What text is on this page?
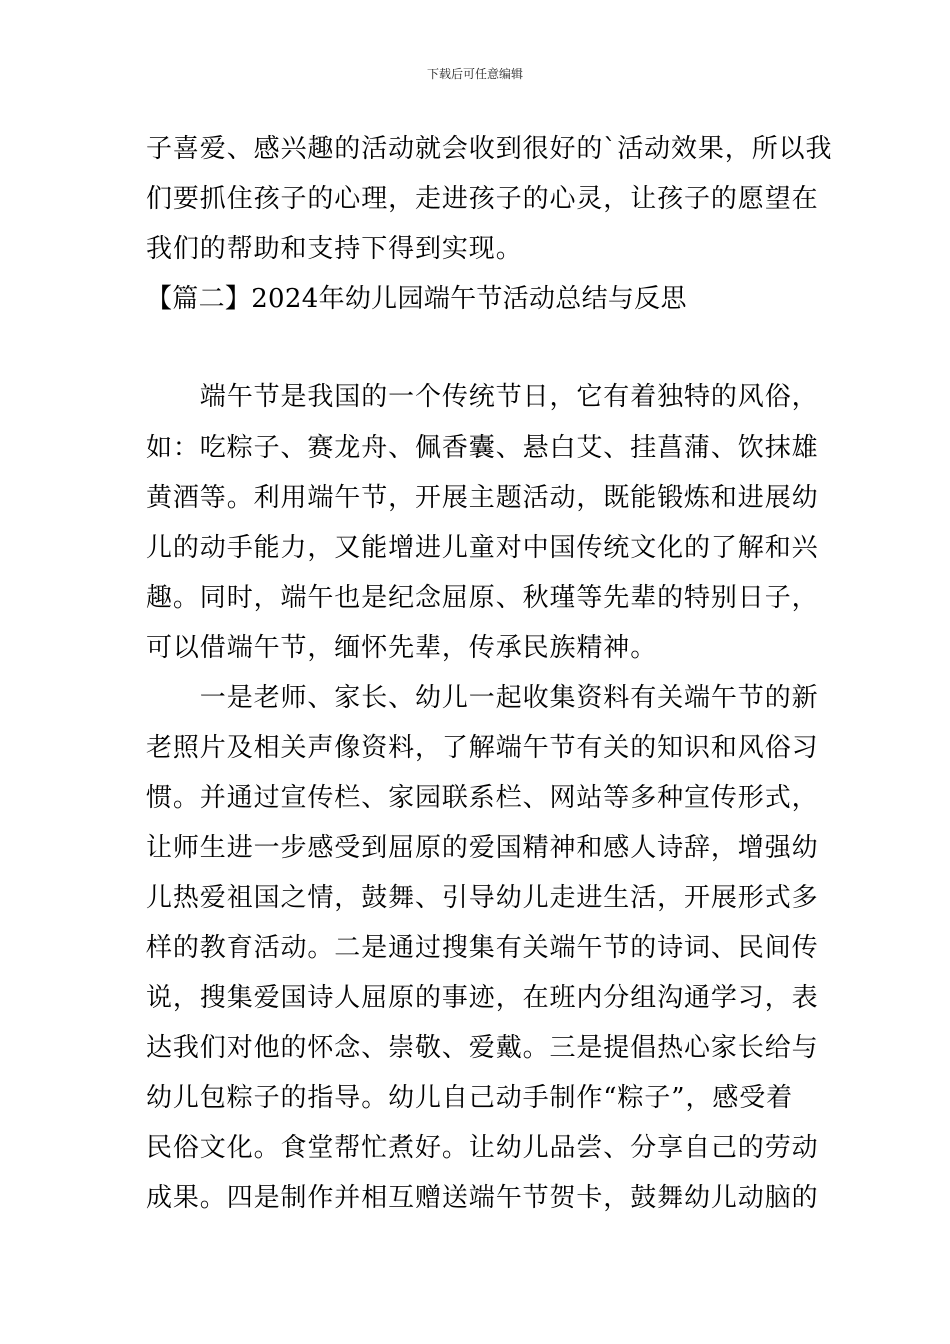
下载后可任意编辑
子喜爱、感兴趣的活动就会收到很好的`活动效果，所以我
们要抓住孩子的心理，走进孩子的心灵，让孩子的愿望在
我们的帮助和支持下得到实现。
【篇二】2024年幼儿园端午节活动总结与反思
　　端午节是我国的一个传统节日，它有着独特的风俗，
如：吃粽子、赛龙舟、佩香囊、悬白艾、挂菖蒲、饮抹雄
黄酒等。利用端午节，开展主题活动，既能锻炼和进展幼
儿的动手能力，又能增进儿童对中国传统文化的了解和兴
趣。同时，端午也是纪念屈原、秋瑾等先辈的特别日子，
可以借端午节，缅怀先辈，传承民族精神。
　　一是老师、家长、幼儿一起收集资料有关端午节的新
老照片及相关声像资料，了解端午节有关的知识和风俗习
惯。并通过宣传栏、家园联系栏、网站等多种宣传形式，
让师生进一步感受到屈原的爱国精神和感人诗辞，增强幼
儿热爱祖国之情，鼓舞、引导幼儿走进生活，开展形式多
样的教育活动。二是通过搜集有关端午节的诗词、民间传
说，搜集爱国诗人屈原的事迹，在班内分组沟通学习，表
达我们对他的怀念、崇敬、爱戴。三是提倡热心家长给与
幼儿包粽子的指导。幼儿自己动手制作“粽子”，感受着
民俗文化。食堂帮忙煮好。让幼儿品尝、分享自己的劳动
成果。四是制作并相互赠送端午节贺卡，鼓舞幼儿动脑的
